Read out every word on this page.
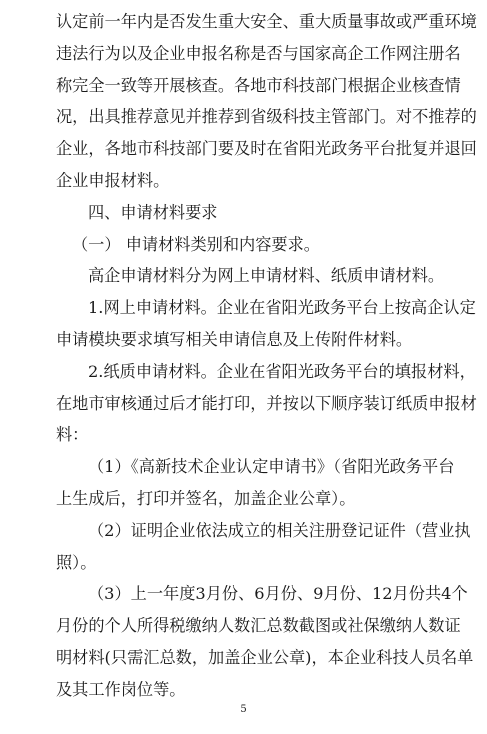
认定前一年内是否发生重大安全、重大质量事故或严重环境
违法行为以及企业申报名称是否与国家高企工作网注册名
称完全一致等开展核查。各地市科技部门根据企业核查情
况，出具推荐意见并推荐到省级科技主管部门。对不推荐的
企业，各地市科技部门要及时在省阳光政务平台批复并退回
企业申报材料。
四、申请材料要求
（一） 申请材料类别和内容要求。
高企申请材料分为网上申请材料、纸质申请材料。
1.网上申请材料。企业在省阳光政务平台上按高企认定
申请模块要求填写相关申请信息及上传附件材料。
2.纸质申请材料。企业在省阳光政务平台的填报材料，
在地市审核通过后才能打印，并按以下顺序装订纸质申报材
料：
（1）《高新技术企业认定申请书》（省阳光政务平台
上生成后，打印并签名，加盖企业公章）。
（2）证明企业依法成立的相关注册登记证件（营业执
照）。
（3）上一年度3月份、6月份、9月份、12月份共4个
月份的个人所得税缴纳人数汇总数截图或社保缴纳人数证
明材料(只需汇总数，加盖企业公章)，本企业科技人员名单
及其工作岗位等。
5
